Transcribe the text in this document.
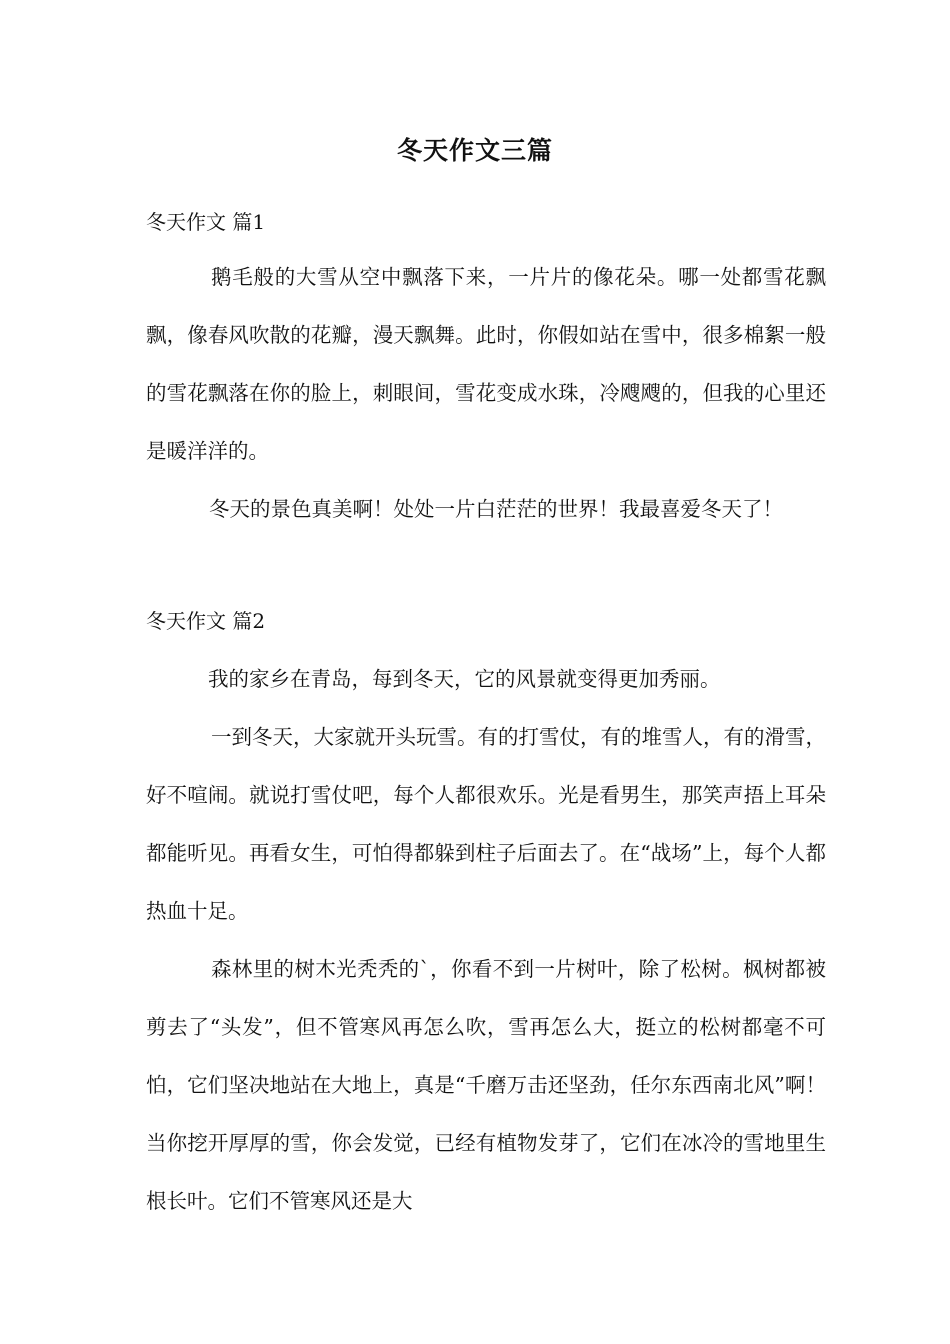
冬天作文三篇
冬天作文 篇1

鹅毛般的大雪从空中飘落下来，一片片的像花朵。哪一处都雪花飘飘，像春风吹散的花瓣，漫天飘舞。此时，你假如站在雪中，很多棉絮一般的雪花飘落在你的脸上，刺眼间，雪花变成水珠，冷飕飕的，但我的心里还是暖洋洋的。

冬天的景色真美啊！处处一片白茫茫的世界！我最喜爱冬天了！

冬天作文 篇2

我的家乡在青岛，每到冬天，它的风景就变得更加秀丽。

一到冬天，大家就开头玩雪。有的打雪仗，有的堆雪人，有的滑雪，好不喧闹。就说打雪仗吧，每个人都很欢乐。光是看男生，那笑声捂上耳朵都能听见。再看女生，可怕得都躲到柱子后面去了。在“战场”上，每个人都热血十足。

森林里的树木光秃秃的`，你看不到一片树叶，除了松树。枫树都被剪去了“头发”，但不管寒风再怎么吹，雪再怎么大，挺立的松树都毫不可怕，它们坚决地站在大地上，真是“千磨万击还坚劲，任尔东西南北风”啊！当你挖开厚厚的雪，你会发觉，已经有植物发芽了，它们在冰冷的雪地里生根长叶。它们不管寒风还是大
